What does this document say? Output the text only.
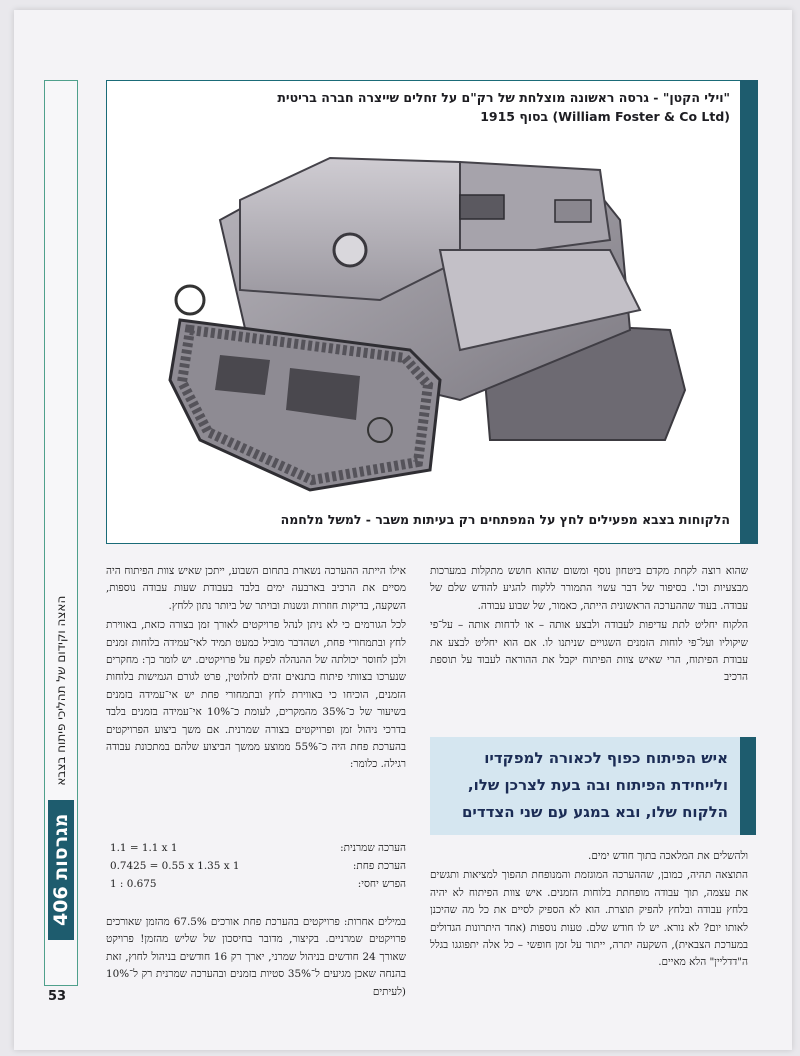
406 מגרסות
האצה וקידום של תהליכי פיתוח בצבא
53
"וילי הקטן" - גרסה ראשונה מוצלחת של רק"ם על זחלים שייצרה חברה בריטית
(William Foster & Co Ltd) בסוף 1915
הלקוחות בצבא מפעילים לחץ על המפתחים רק בעיתות משבר - למשל מלחמה

שהוא רוצה לקחת מקדם ביטחון נוסף ומשום שהוא חושש מתקלות במערכות מבצעיות וכו'. בסיפור של דבר עשוי התמורר ללקוח להגיע להודש שלם של עבודה. בעוד שההערכה הראשונית הייתה, כאמור, של שבוע עבודה.

הלקוח יחליט לתת עדיפות לעבודה ולבצע אותה – או לדחות אותה – על־פי שיקוליו ועל־פי לוחות הזמנים השגויים שניתנו לו. אם הוא יחליט לבצע את עבודת הפיתוח, הרי שאיש צוות הפיתוח יקבל את ההוראה לעבוד על תוספת הרכיב

איש הפיתוח כפוף לכאורה למפקדיו
ולייחידת הפיתוח ובה בעת לצרכן שלו,
הלקוח שלו, ובא במגע עם שני הצדדים

ולהשלים את המלאכה בתוך חודש ימים.

התוצאה תהיה, כמובן, שההערכה המוגזמת והמנופחת תהפוך למציאות ותגשים את עצמה, תוך עבודה מופחתת בלוחות הזמנים. איש צוות הפיתוח לא יהיה בלחץ עבודה ובלחץ להפיק תוצרת. הוא לא הספיק לסיים את כל מה שהיכנן לאותו יום? לא נורא. יש לו חודש שלם. טעות נוספות (אחד היתרונות הגדולים במערכת הצבאית), השקעה יתרה, ייתור על זמן חופשי – כל אלה יתפוגגו בגלל ה"דדליין" הלא מאיים.

אילו הייתה ההערכה נשארת בתחום השבוע, ייתכן שאיש צוות הפיתוח היה מסיים את הרכיב בארבעה ימים בלבד בעבודת שעות עבודה נוספות, השקעה, בדיקות חוזרות ונשנות ובויתר של ביותר נתון ללחץ.

לכל הגורמים כי לא ניתן לנהל פרויקטים לאורך זמן בצורה כזאת, באווירת לחץ ובתמחורי פחת, ושהדבר מוביל כמעט תמיד לאי־עמידה בלוחות זמנים ולכן לחוסר יכולתה של ההנהלה לפקח על פרויקטים. יש לומר כך: מחקרים שנערכו בצוותי פיתוח בתנאים זהים לחלוטין, פרט לגורם הגמישות בלוחות הזמנים, הוכיחו כי באווירת לחץ ובתמחורי פחת יש אי־עמידה בזמנים בשיעור של כ־35% מהמקרים, לעומת כ־10% אי־עמידה בזמנים בלבד בדרכי ניהול זמן ופרויקטים בצורה שמרנית. אם משך ביצוע הפרויקטים בהערכת פחת היה כ־55% ממוצע ממשך הביצוע שלהם במתכונת עבודה רגילה. כלומר:

הערכה שמרנית:
1.1 = 1.1 x 1
הערכת פחת:
0.7425 = 0.55 x 1.35 x 1
הפרש יחסי:
1 : 0.675

במילים אחרות: פרויקטים בהערכת פחת אורכים 67.5% מהזמן שאורכים פרויקטים שמרניים. בקיצור, מדובר בחיסכון של שליש מהזמן! פרויקט שאורך 24 חודשים בניהול שמרני, יארך רק 16 חודשים בניהול לחוץ, זאת בהנחה שאכן מגיעים ל־35% סטיות בזמנים ובהערכה שמרנית רק ל־10% (לעיתים
